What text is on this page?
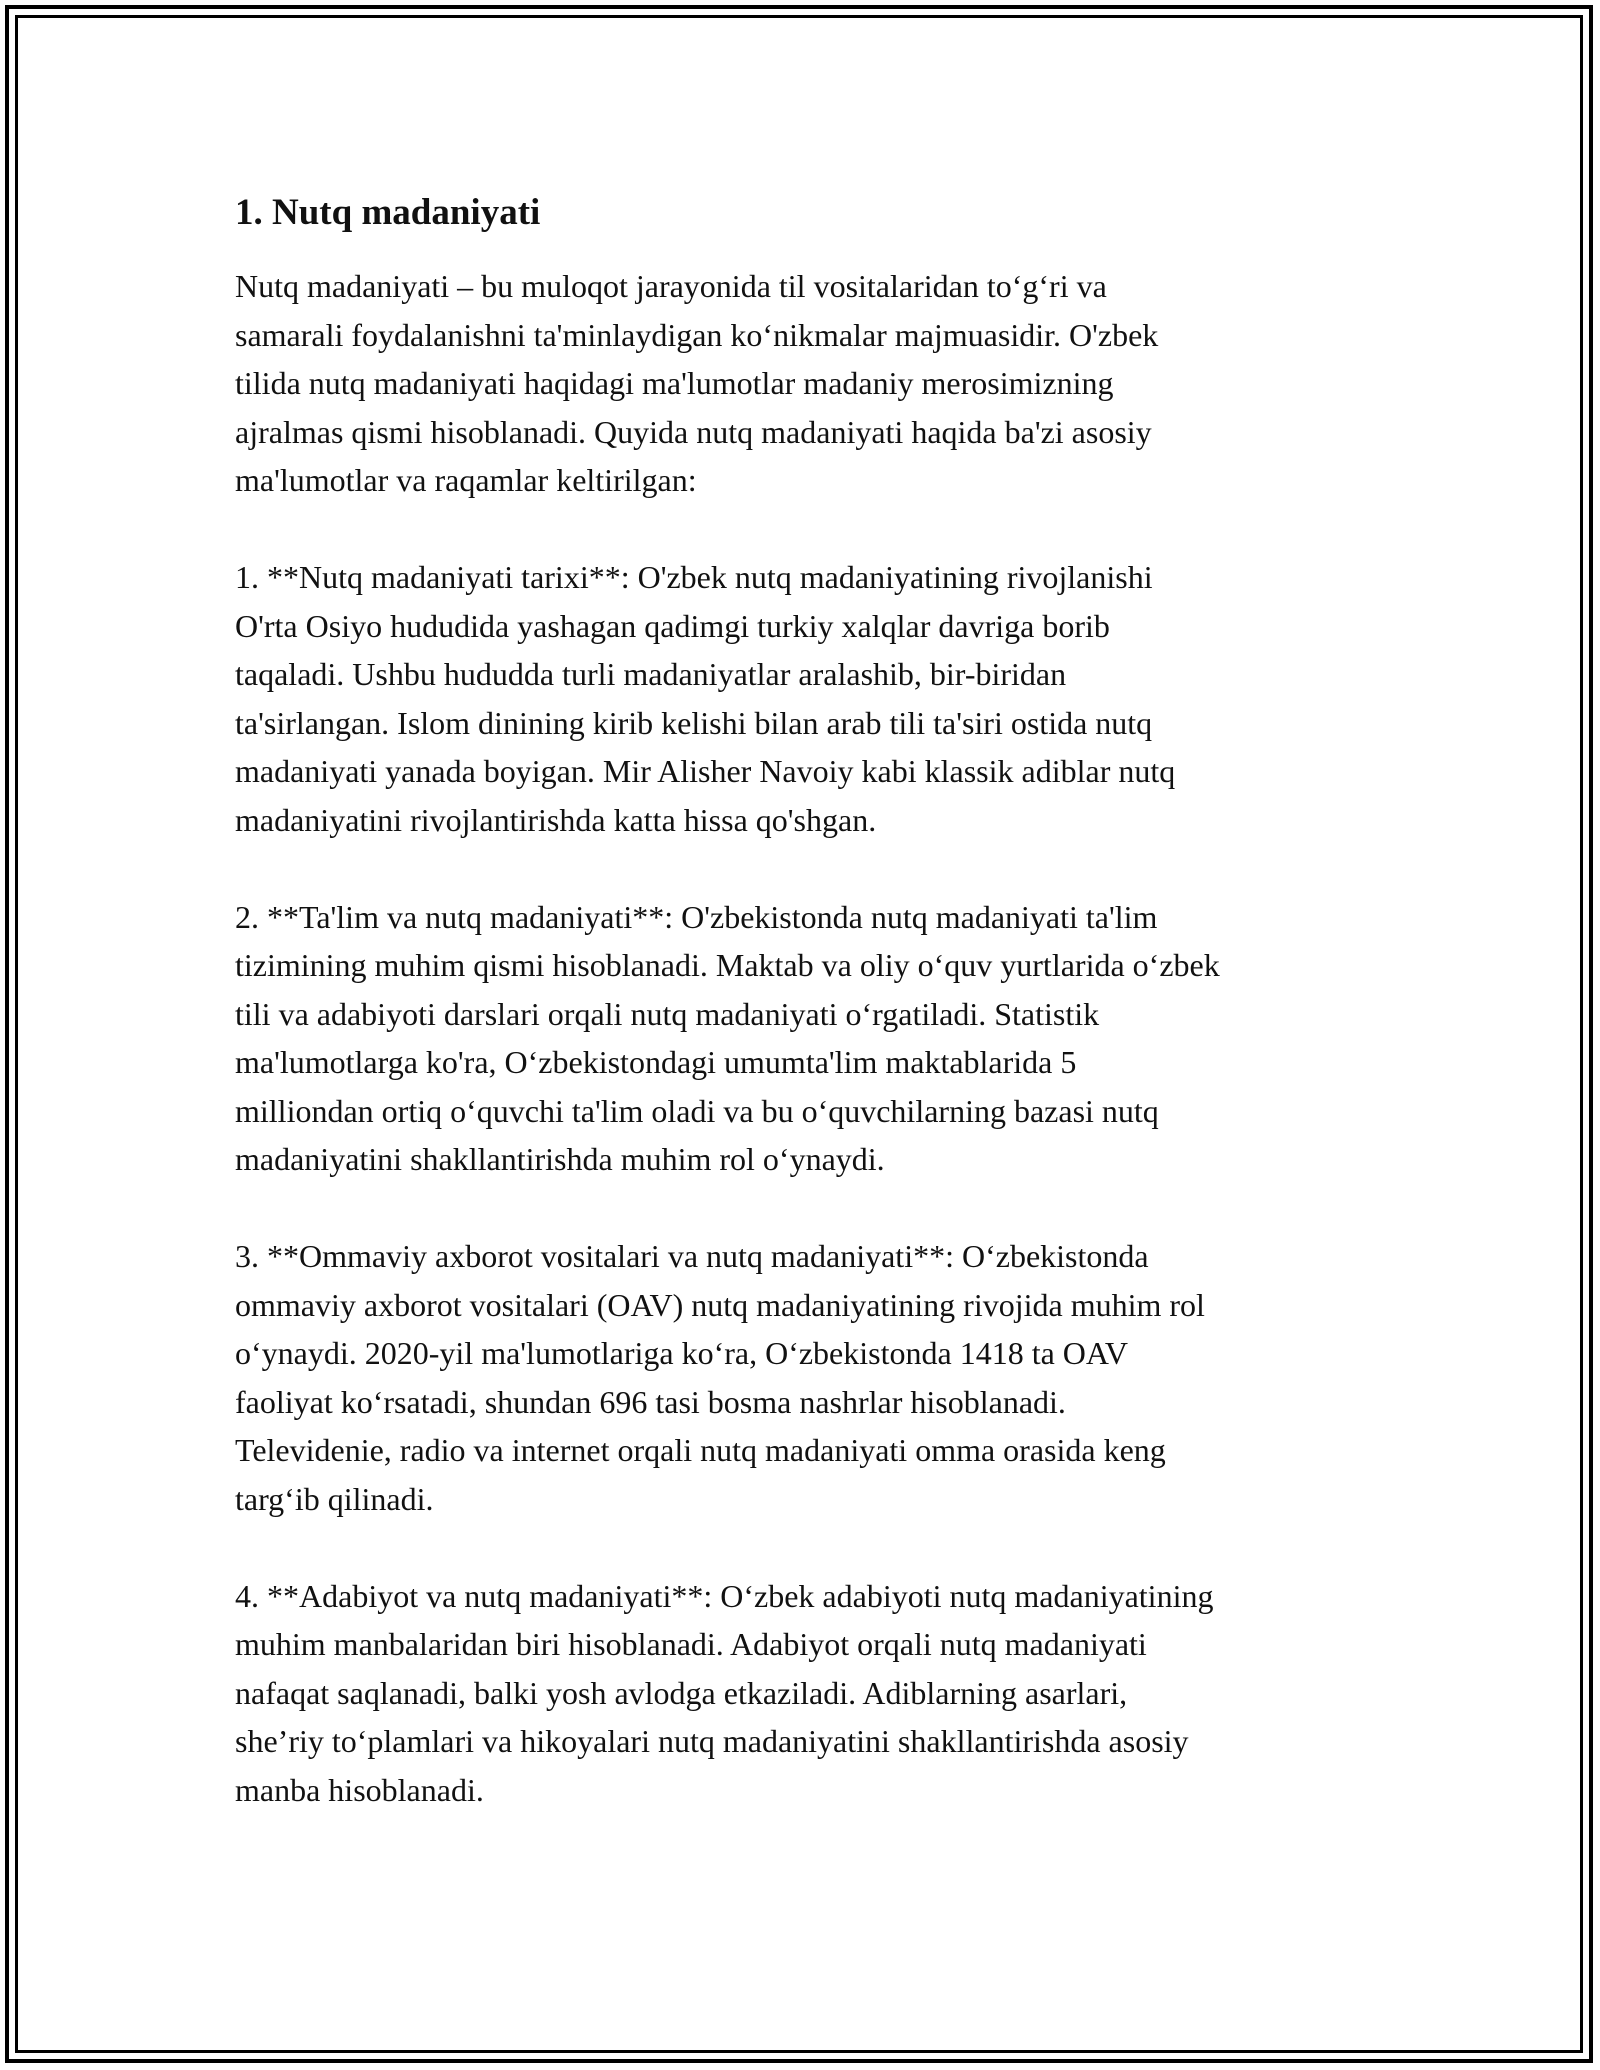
1. Nutq madaniyati
Nutq madaniyati – bu muloqot jarayonida til vositalaridan to‘g‘ri va
samarali foydalanishni ta'minlaydigan ko‘nikmalar majmuasidir. O'zbek
tilida nutq madaniyati haqidagi ma'lumotlar madaniy merosimizning
ajralmas qismi hisoblanadi. Quyida nutq madaniyati haqida ba'zi asosiy
ma'lumotlar va raqamlar keltirilgan:
1. **Nutq madaniyati tarixi**: O'zbek nutq madaniyatining rivojlanishi
O'rta Osiyo hududida yashagan qadimgi turkiy xalqlar davriga borib
taqaladi. Ushbu hududda turli madaniyatlar aralashib, bir-biridan
ta'sirlangan. Islom dinining kirib kelishi bilan arab tili ta'siri ostida nutq
madaniyati yanada boyigan. Mir Alisher Navoiy kabi klassik adiblar nutq
madaniyatini rivojlantirishda katta hissa qo'shgan.
2. **Ta'lim va nutq madaniyati**: O'zbekistonda nutq madaniyati ta'lim
tizimining muhim qismi hisoblanadi. Maktab va oliy o‘quv yurtlarida o‘zbek
tili va adabiyoti darslari orqali nutq madaniyati o‘rgatiladi. Statistik
ma'lumotlarga ko'ra, O‘zbekistondagi umumta'lim maktablarida 5
milliondan ortiq o‘quvchi ta'lim oladi va bu o‘quvchilarning bazasi nutq
madaniyatini shakllantirishda muhim rol o‘ynaydi.
3. **Ommaviy axborot vositalari va nutq madaniyati**: O‘zbekistonda
ommaviy axborot vositalari (OAV) nutq madaniyatining rivojida muhim rol
o‘ynaydi. 2020-yil ma'lumotlariga ko‘ra, O‘zbekistonda 1418 ta OAV
faoliyat ko‘rsatadi, shundan 696 tasi bosma nashrlar hisoblanadi.
Televidenie, radio va internet orqali nutq madaniyati omma orasida keng
targ‘ib qilinadi.
4. **Adabiyot va nutq madaniyati**: O‘zbek adabiyoti nutq madaniyatining
muhim manbalaridan biri hisoblanadi. Adabiyot orqali nutq madaniyati
nafaqat saqlanadi, balki yosh avlodga etkaziladi. Adiblarning asarlari,
she’riy to‘plamlari va hikoyalari nutq madaniyatini shakllantirishda asosiy
manba hisoblanadi.
